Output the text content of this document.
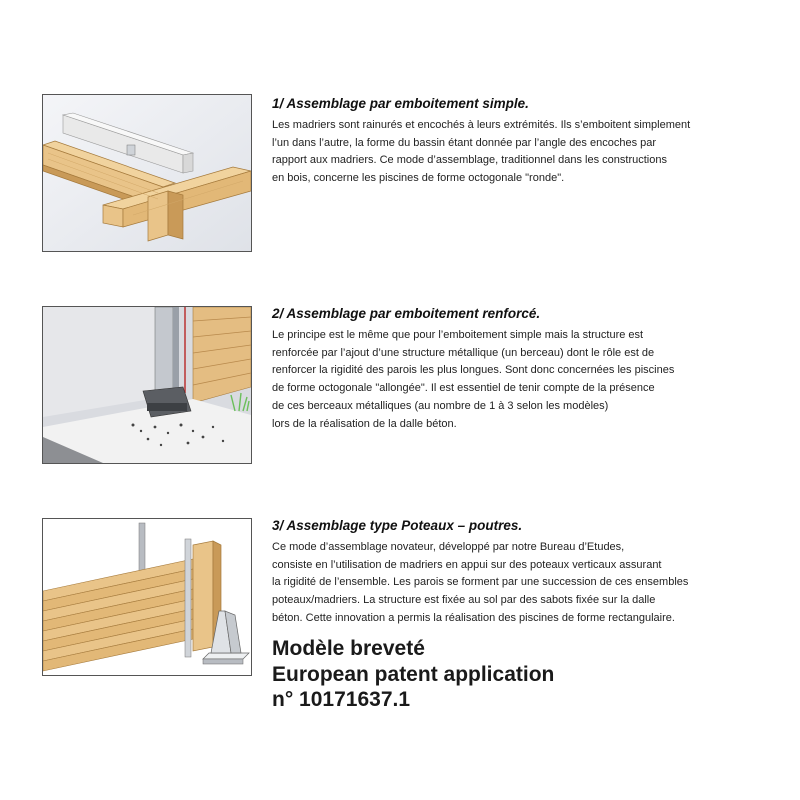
1/ Assemblage par emboitement simple.
Les madriers sont rainurés et encochés à leurs extrémités. Ils s’emboitent simplement
l’un dans l’autre, la forme du bassin étant donnée par l’angle des encoches par
rapport aux madriers. Ce mode d’assemblage, traditionnel dans les constructions
en bois, concerne les piscines de forme octogonale "ronde".
2/ Assemblage par emboitement renforcé.
Le principe est le même que pour l’emboitement simple mais la structure est
renforcée par l’ajout d’une structure métallique (un berceau) dont le rôle est de
renforcer la rigidité des parois les plus longues. Sont donc concernées les piscines
de forme octogonale "allongée". Il est essentiel de tenir compte de la présence
de ces berceaux métalliques (au nombre de 1 à 3 selon les modèles)
lors de la réalisation de la dalle béton.
3/ Assemblage type Poteaux – poutres.
Ce mode d’assemblage novateur, développé par notre Bureau d’Etudes,
consiste en l’utilisation de madriers en appui sur des poteaux verticaux assurant
la rigidité de l’ensemble. Les parois se forment par une succession de ces ensembles
poteaux/madriers. La structure est fixée au sol par des sabots fixée sur la dalle
béton. Cette innovation a permis la réalisation des piscines de forme rectangulaire.
Modèle breveté
European patent application
n° 10171637.1
